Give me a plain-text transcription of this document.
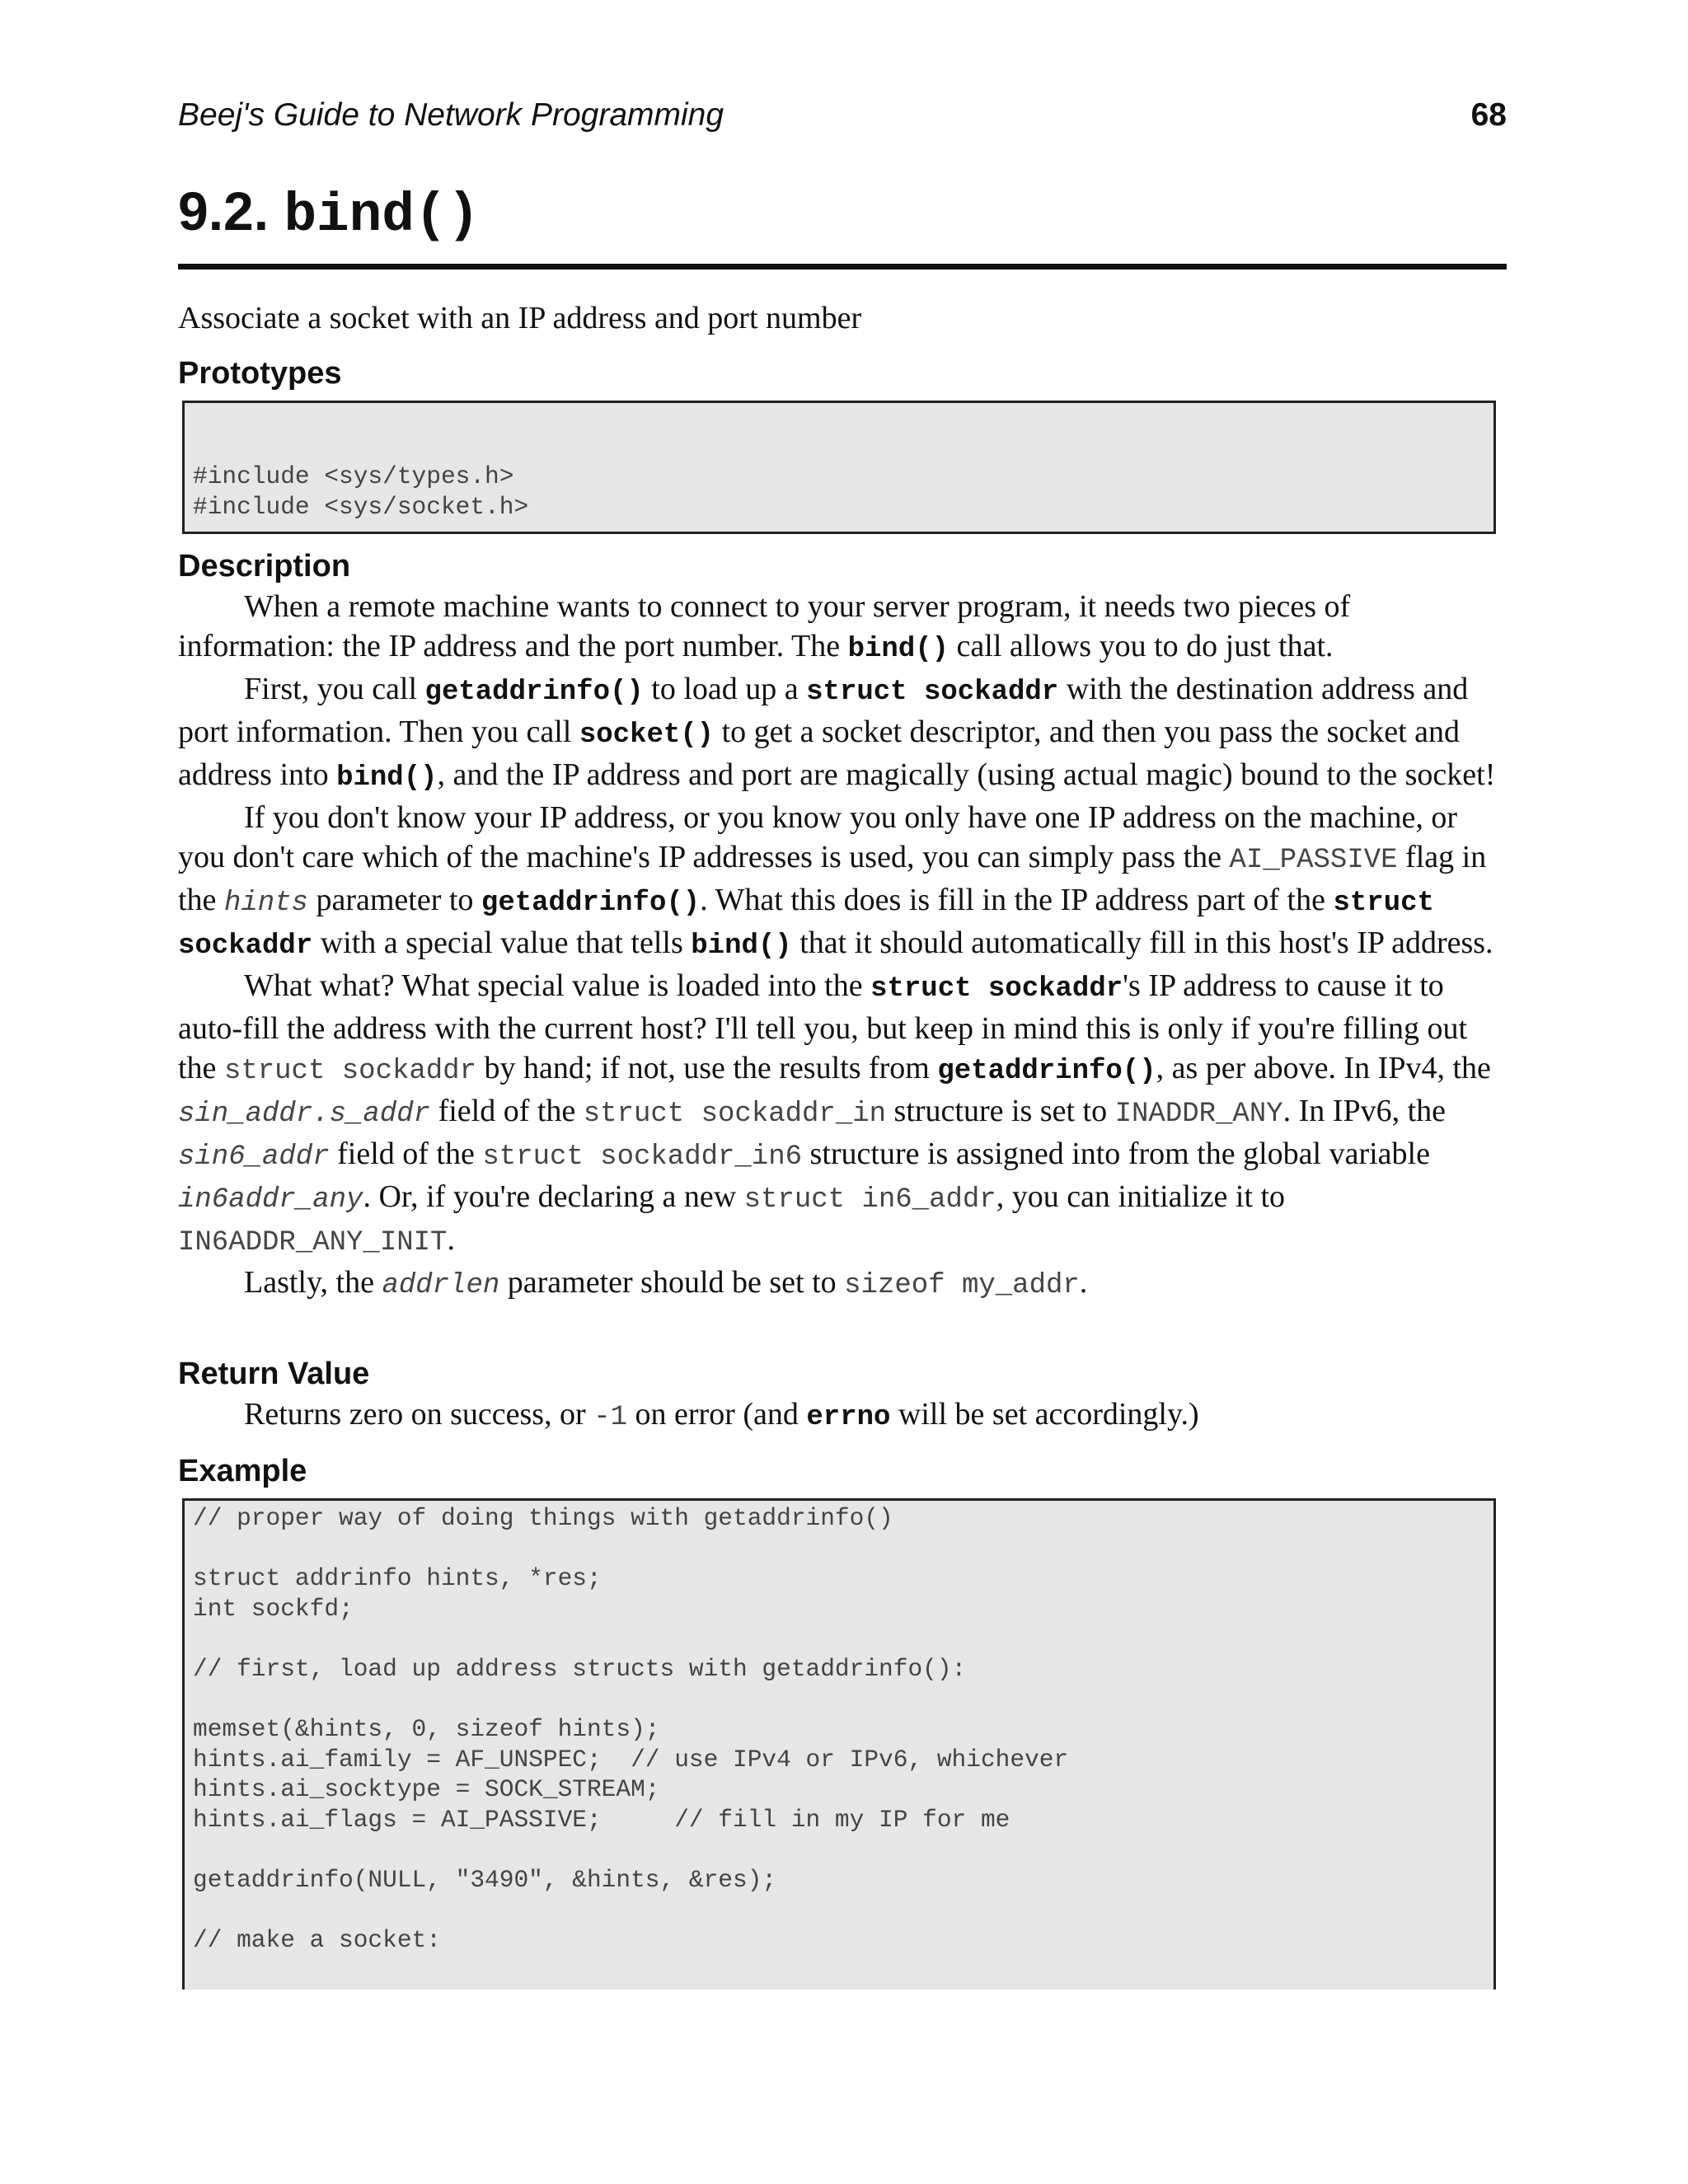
Beej's Guide to Network Programming	68
9.2. bind()
Associate a socket with an IP address and port number
Prototypes

#include <sys/types.h>
#include <sys/socket.h>

Description

When a remote machine wants to connect to your server program, it needs two pieces of information: the IP address and the port number. The bind() call allows you to do just that.

First, you call getaddrinfo() to load up a struct sockaddr with the destination address and port information. Then you call socket() to get a socket descriptor, and then you pass the socket and address into bind(), and the IP address and port are magically (using actual magic) bound to the socket!

If you don't know your IP address, or you know you only have one IP address on the machine, or you don't care which of the machine's IP addresses is used, you can simply pass the AI_PASSIVE flag in the hints parameter to getaddrinfo(). What this does is fill in the IP address part of the struct sockaddr with a special value that tells bind() that it should automatically fill in this host's IP address.

What what? What special value is loaded into the struct sockaddr's IP address to cause it to auto-fill the address with the current host? I'll tell you, but keep in mind this is only if you're filling out the struct sockaddr by hand; if not, use the results from getaddrinfo(), as per above. In IPv4, the sin_addr.s_addr field of the struct sockaddr_in structure is set to INADDR_ANY. In IPv6, the sin6_addr field of the struct sockaddr_in6 structure is assigned into from the global variable in6addr_any. Or, if you're declaring a new struct in6_addr, you can initialize it to IN6ADDR_ANY_INIT.

Lastly, the addrlen parameter should be set to sizeof my_addr.

Return Value

Returns zero on success, or -1 on error (and errno will be set accordingly.)

Example
// proper way of doing things with getaddrinfo()
struct addrinfo hints, *res;
int sockfd;
// first, load up address structs with getaddrinfo():
memset(&hints, 0, sizeof hints);
hints.ai_family = AF_UNSPEC;  // use IPv4 or IPv6, whichever
hints.ai_socktype = SOCK_STREAM;
hints.ai_flags = AI_PASSIVE;     // fill in my IP for me
getaddrinfo(NULL, "3490", &hints, &res);
// make a socket:
